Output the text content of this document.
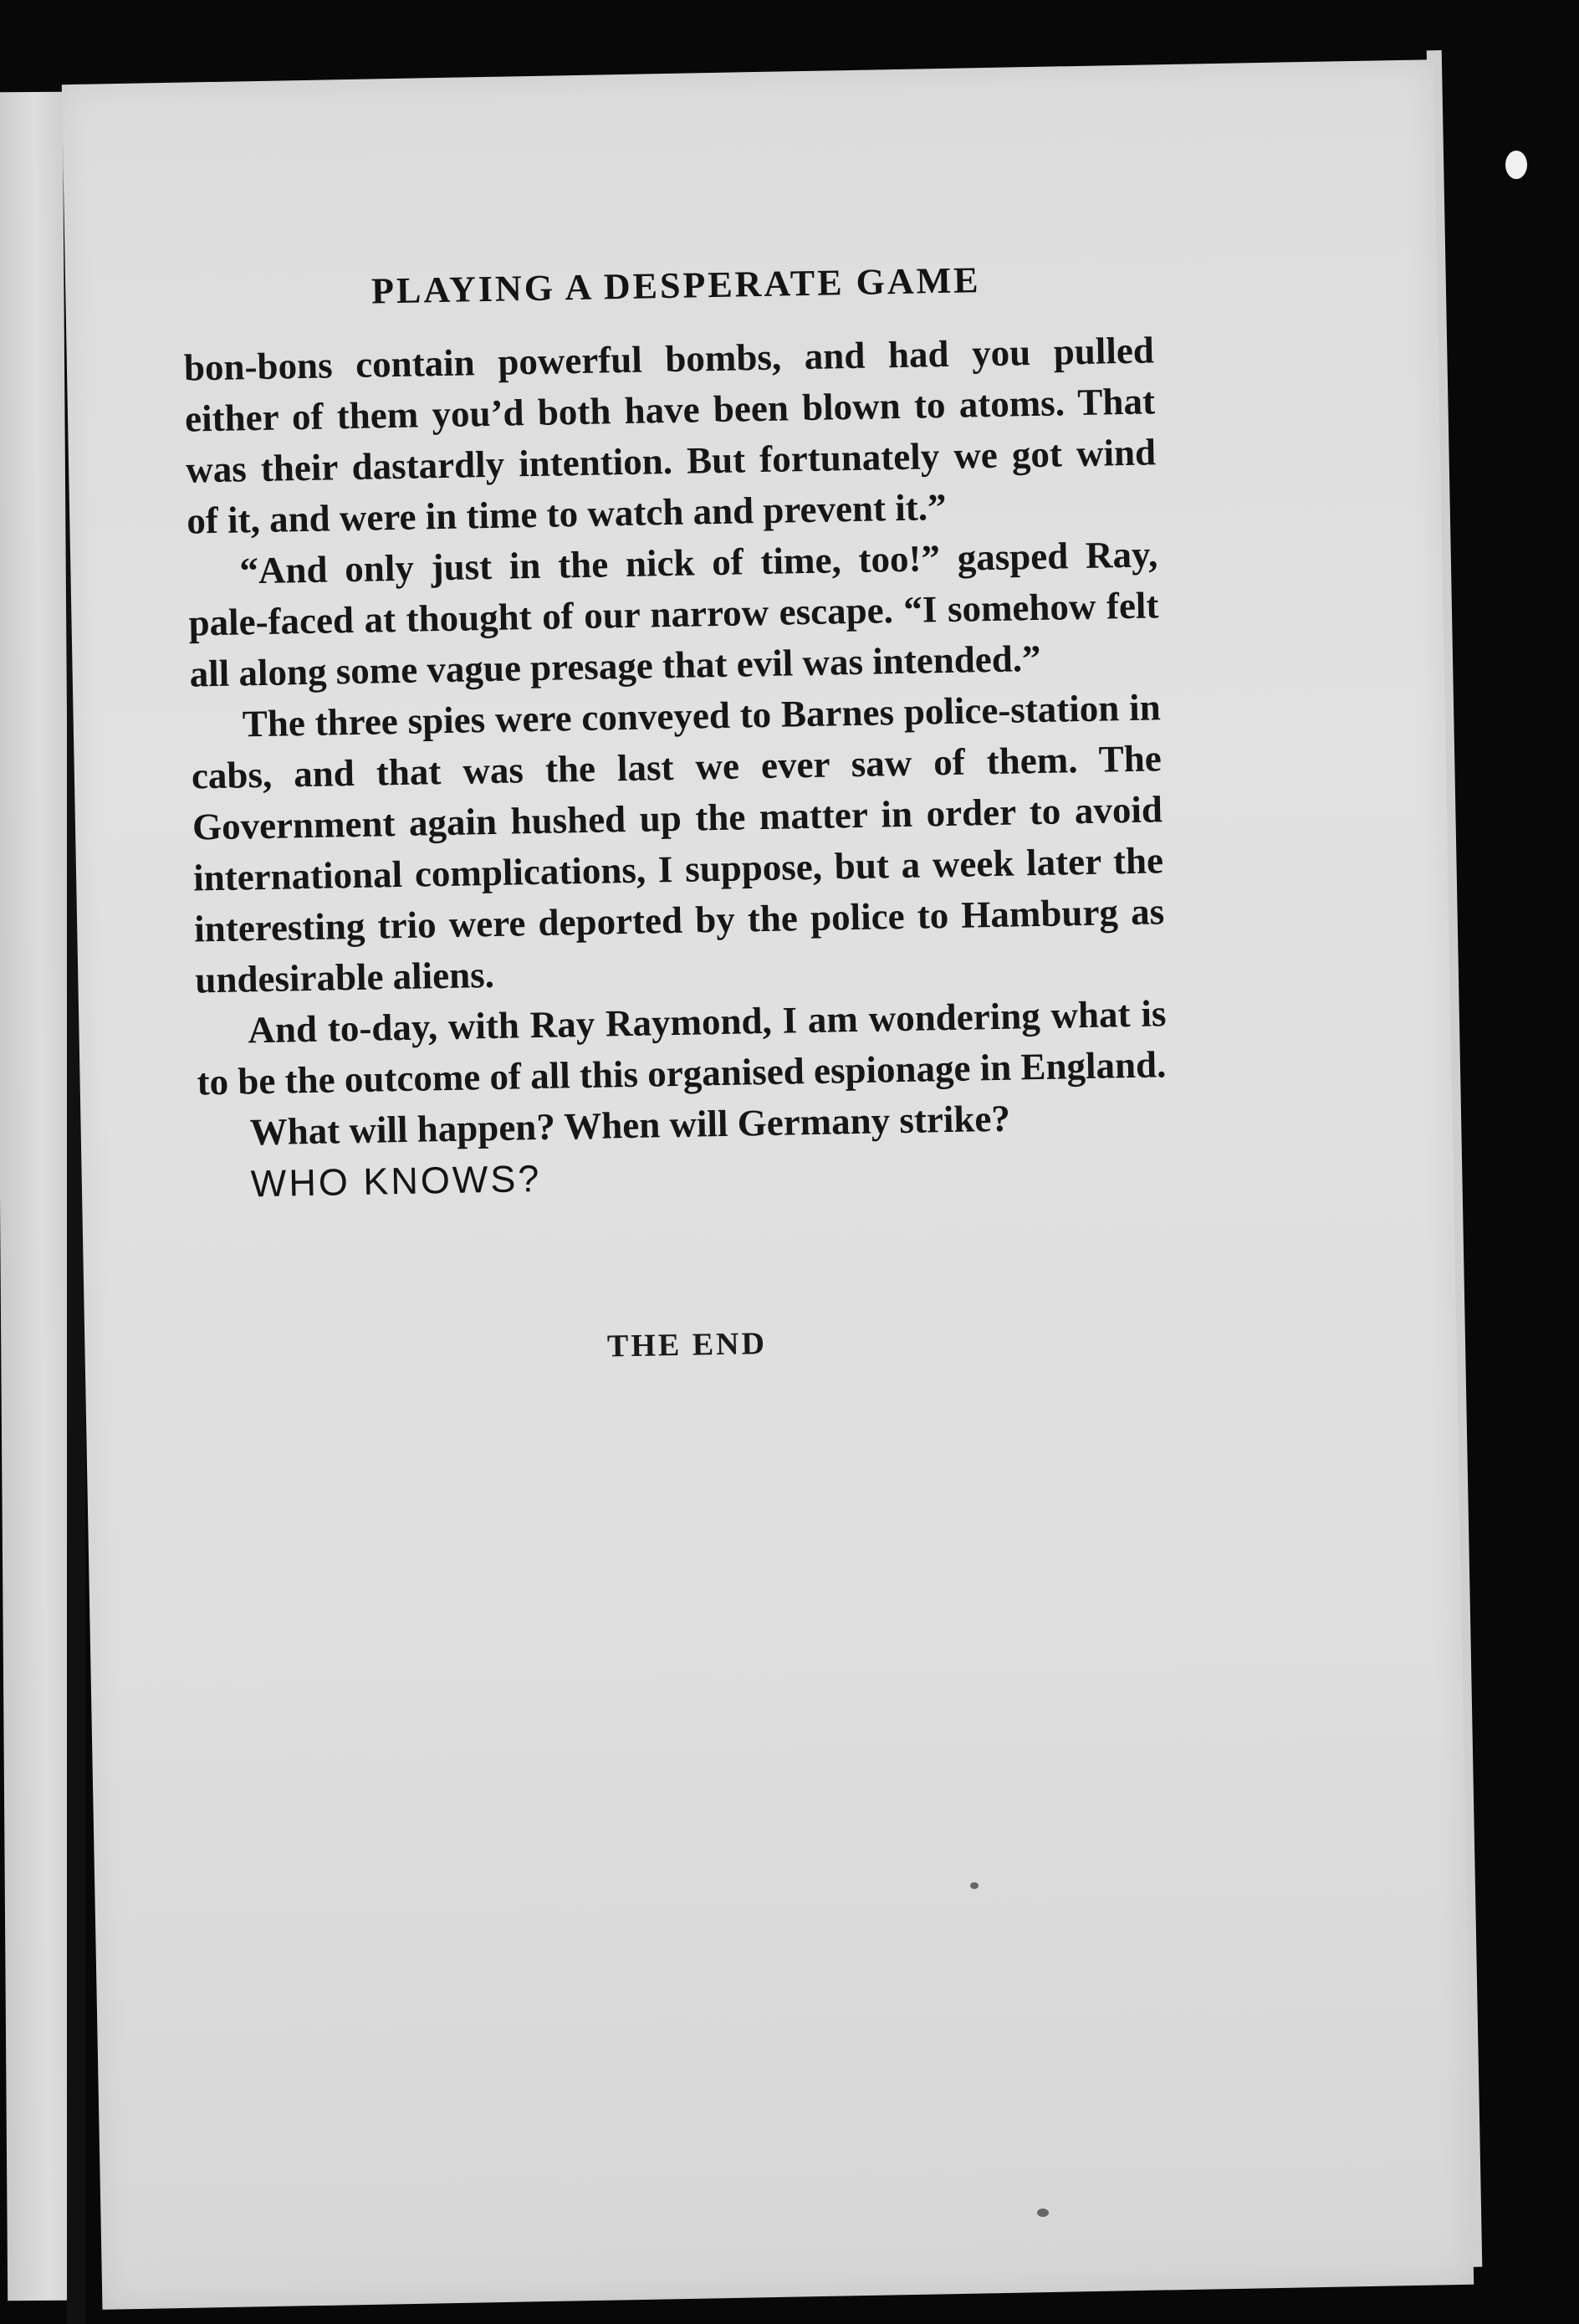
PLAYING A DESPERATE GAME

bon-bons contain powerful bombs, and had you pulled either of them you’d both have been blown to atoms. That was their dastardly intention. But fortunately we got wind of it, and were in time to watch and prevent it.”

“And only just in the nick of time, too!” gasped Ray, pale-faced at thought of our narrow escape. “I somehow felt all along some vague presage that evil was intended.”

The three spies were conveyed to Barnes police-station in cabs, and that was the last we ever saw of them. The Government again hushed up the matter in order to avoid international complications, I suppose, but a week later the interesting trio were deported by the police to Hamburg as undesirable aliens.

And to-day, with Ray Raymond, I am wondering what is to be the outcome of all this organised espionage in England.

What will happen? When will Germany strike?

WHO KNOWS?

THE END
